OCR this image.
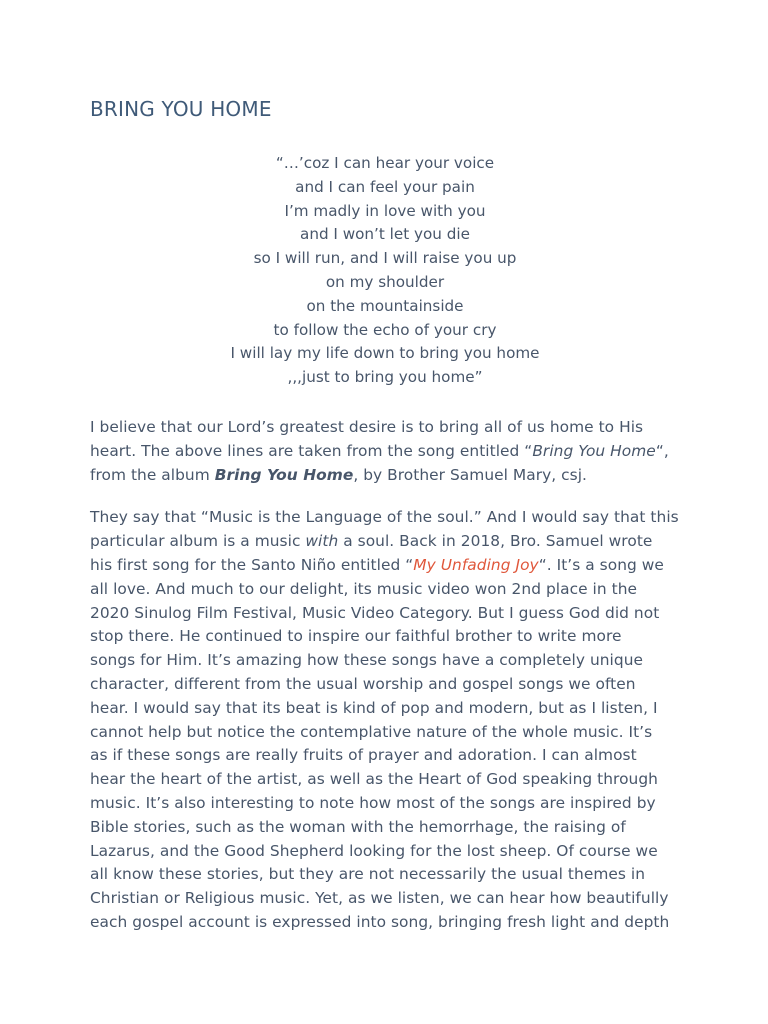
BRING YOU HOME
“…’coz I can hear your voice
and I can feel your pain
I’m madly in love with you
and I won’t let you die
so I will run, and I will raise you up
on my shoulder
on the mountainside
to follow the echo of your cry
I will lay my life down to bring you home
,,,just to bring you home”

I believe that our Lord’s greatest desire is to bring all of us home to His
heart. The above lines are taken from the song entitled “Bring You Home“,
from the album Bring You Home, by Brother Samuel Mary, csj.

They say that “Music is the Language of the soul.” And I would say that this
particular album is a music with a soul. Back in 2018, Bro. Samuel wrote
his first song for the Santo Niño entitled “My Unfading Joy“. It’s a song we
all love. And much to our delight, its music video won 2nd place in the
2020 Sinulog Film Festival, Music Video Category. But I guess God did not
stop there. He continued to inspire our faithful brother to write more
songs for Him. It’s amazing how these songs have a completely unique
character, different from the usual worship and gospel songs we often
hear. I would say that its beat is kind of pop and modern, but as I listen, I
cannot help but notice the contemplative nature of the whole music. It’s
as if these songs are really fruits of prayer and adoration. I can almost
hear the heart of the artist, as well as the Heart of God speaking through
music. It’s also interesting to note how most of the songs are inspired by
Bible stories, such as the woman with the hemorrhage, the raising of
Lazarus, and the Good Shepherd looking for the lost sheep. Of course we
all know these stories, but they are not necessarily the usual themes in
Christian or Religious music. Yet, as we listen, we can hear how beautifully
each gospel account is expressed into song, bringing fresh light and depth
